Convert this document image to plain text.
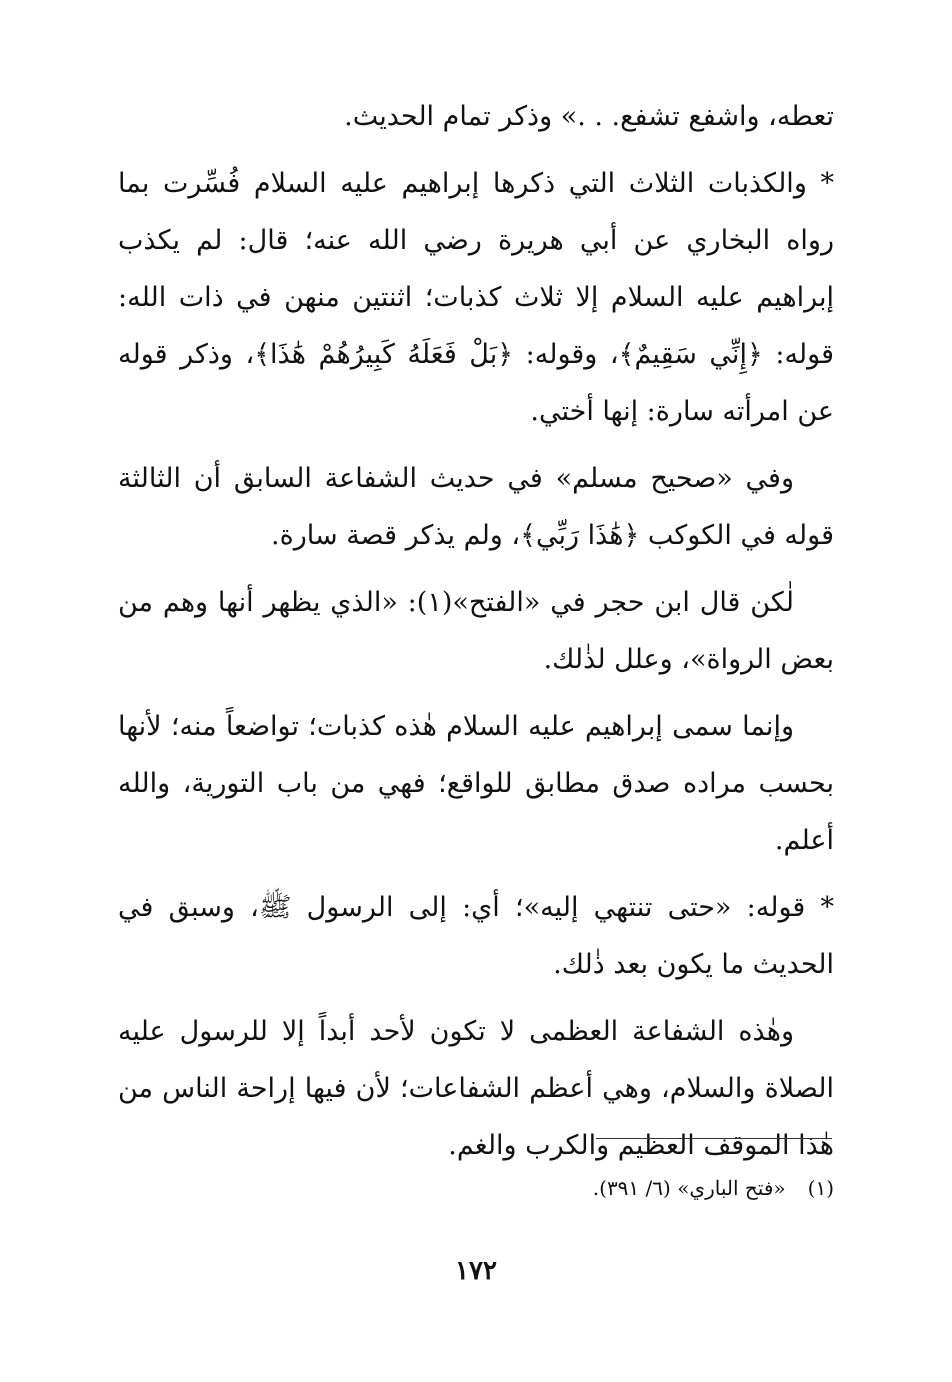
تعطه، واشفع تشفع. . .» وذكر تمام الحديث.

* والكذبات الثلاث التي ذكرها إبراهيم عليه السلام فُسِّرت بما رواه البخاري عن أبي هريرة رضي الله عنه؛ قال: لم يكذب إبراهيم عليه السلام إلا ثلاث كذبات؛ اثنتين منهن في ذات الله: قوله: ﴿إِنِّي سَقِيمٌ﴾، وقوله: ﴿بَلْ فَعَلَهُ كَبِيرُهُمْ هَٰذَا﴾، وذكر قوله عن امرأته سارة: إنها أختي.

وفي «صحيح مسلم» في حديث الشفاعة السابق أن الثالثة قوله في الكوكب ﴿هَٰذَا رَبِّي﴾، ولم يذكر قصة سارة.

لٰكن قال ابن حجر في «الفتح»(١): «الذي يظهر أنها وهم من بعض الرواة»، وعلل لذٰلك.

وإنما سمى إبراهيم عليه السلام هٰذه كذبات؛ تواضعاً منه؛ لأنها بحسب مراده صدق مطابق للواقع؛ فهي من باب التورية، والله أعلم.

* قوله: «حتى تنتهي إليه»؛ أي: إلى الرسول ﷺ، وسبق في الحديث ما يكون بعد ذٰلك.

وهٰذه الشفاعة العظمى لا تكون لأحد أبداً إلا للرسول عليه الصلاة والسلام، وهي أعظم الشفاعات؛ لأن فيها إراحة الناس من هٰذا الموقف العظيم والكرب والغم.

(١)«فتح الباري» (٦/ ٣٩١).
١٧٢
